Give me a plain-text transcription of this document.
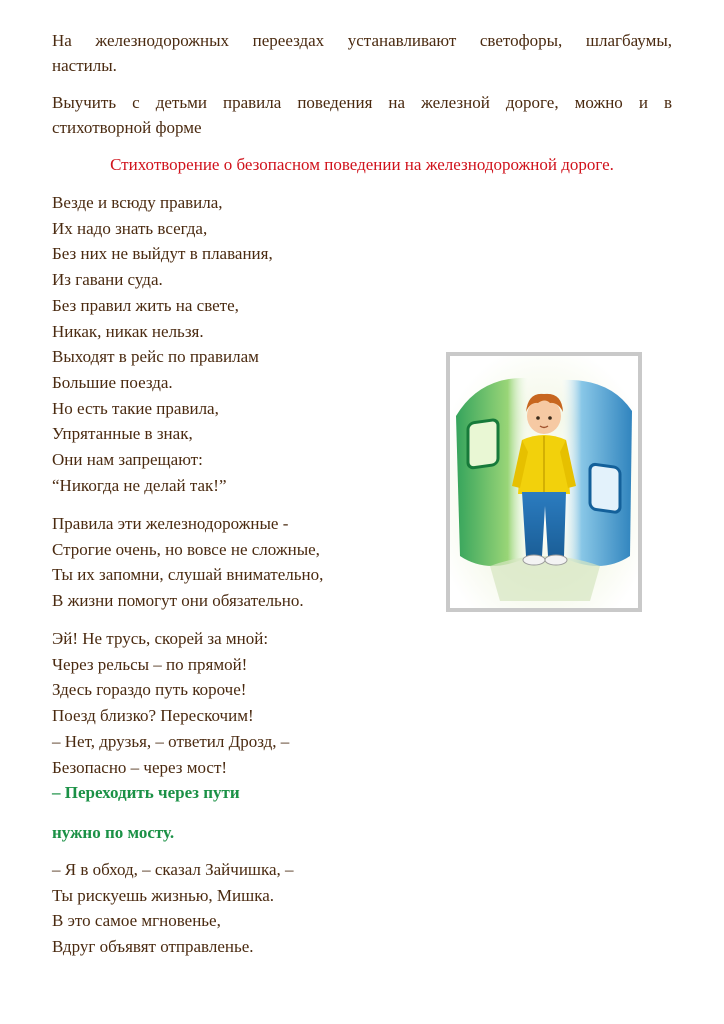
На железнодорожных переездах устанавливают светофоры, шлагбаумы,
настилы.
Выучить с детьми правила поведения на железной дороге, можно и в
стихотворной форме
Стихотворение о безопасном поведении на железнодорожной дороге.
Везде и всюду правила,
Их надо знать всегда,
Без них не выйдут в плавания,
Из гавани суда.
Без правил жить на свете,
Никак, никак нельзя.
Выходят в рейс по правилам
Большие поезда.
Но есть такие правила,
Упрятанные в знак,
Они нам запрещают:
“Никогда не делай так!”
Правила эти железнодорожные -
Строгие очень, но вовсе не сложные,
Ты их запомни, слушай внимательно,
В жизни помогут они обязательно.
Эй! Не трусь, скорей за мной:
Через рельсы – по прямой!
Здесь гораздо путь короче!
Поезд близко? Перескочим!
– Нет, друзья, – ответил Дрозд, –
Безопасно – через мост!
– Переходить через пути
нужно по мосту.
– Я в обход, – сказал Зайчишка, –
Ты рискуешь жизнью, Мишка.
В это самое мгновенье,
Вдруг объявят отправленье.
